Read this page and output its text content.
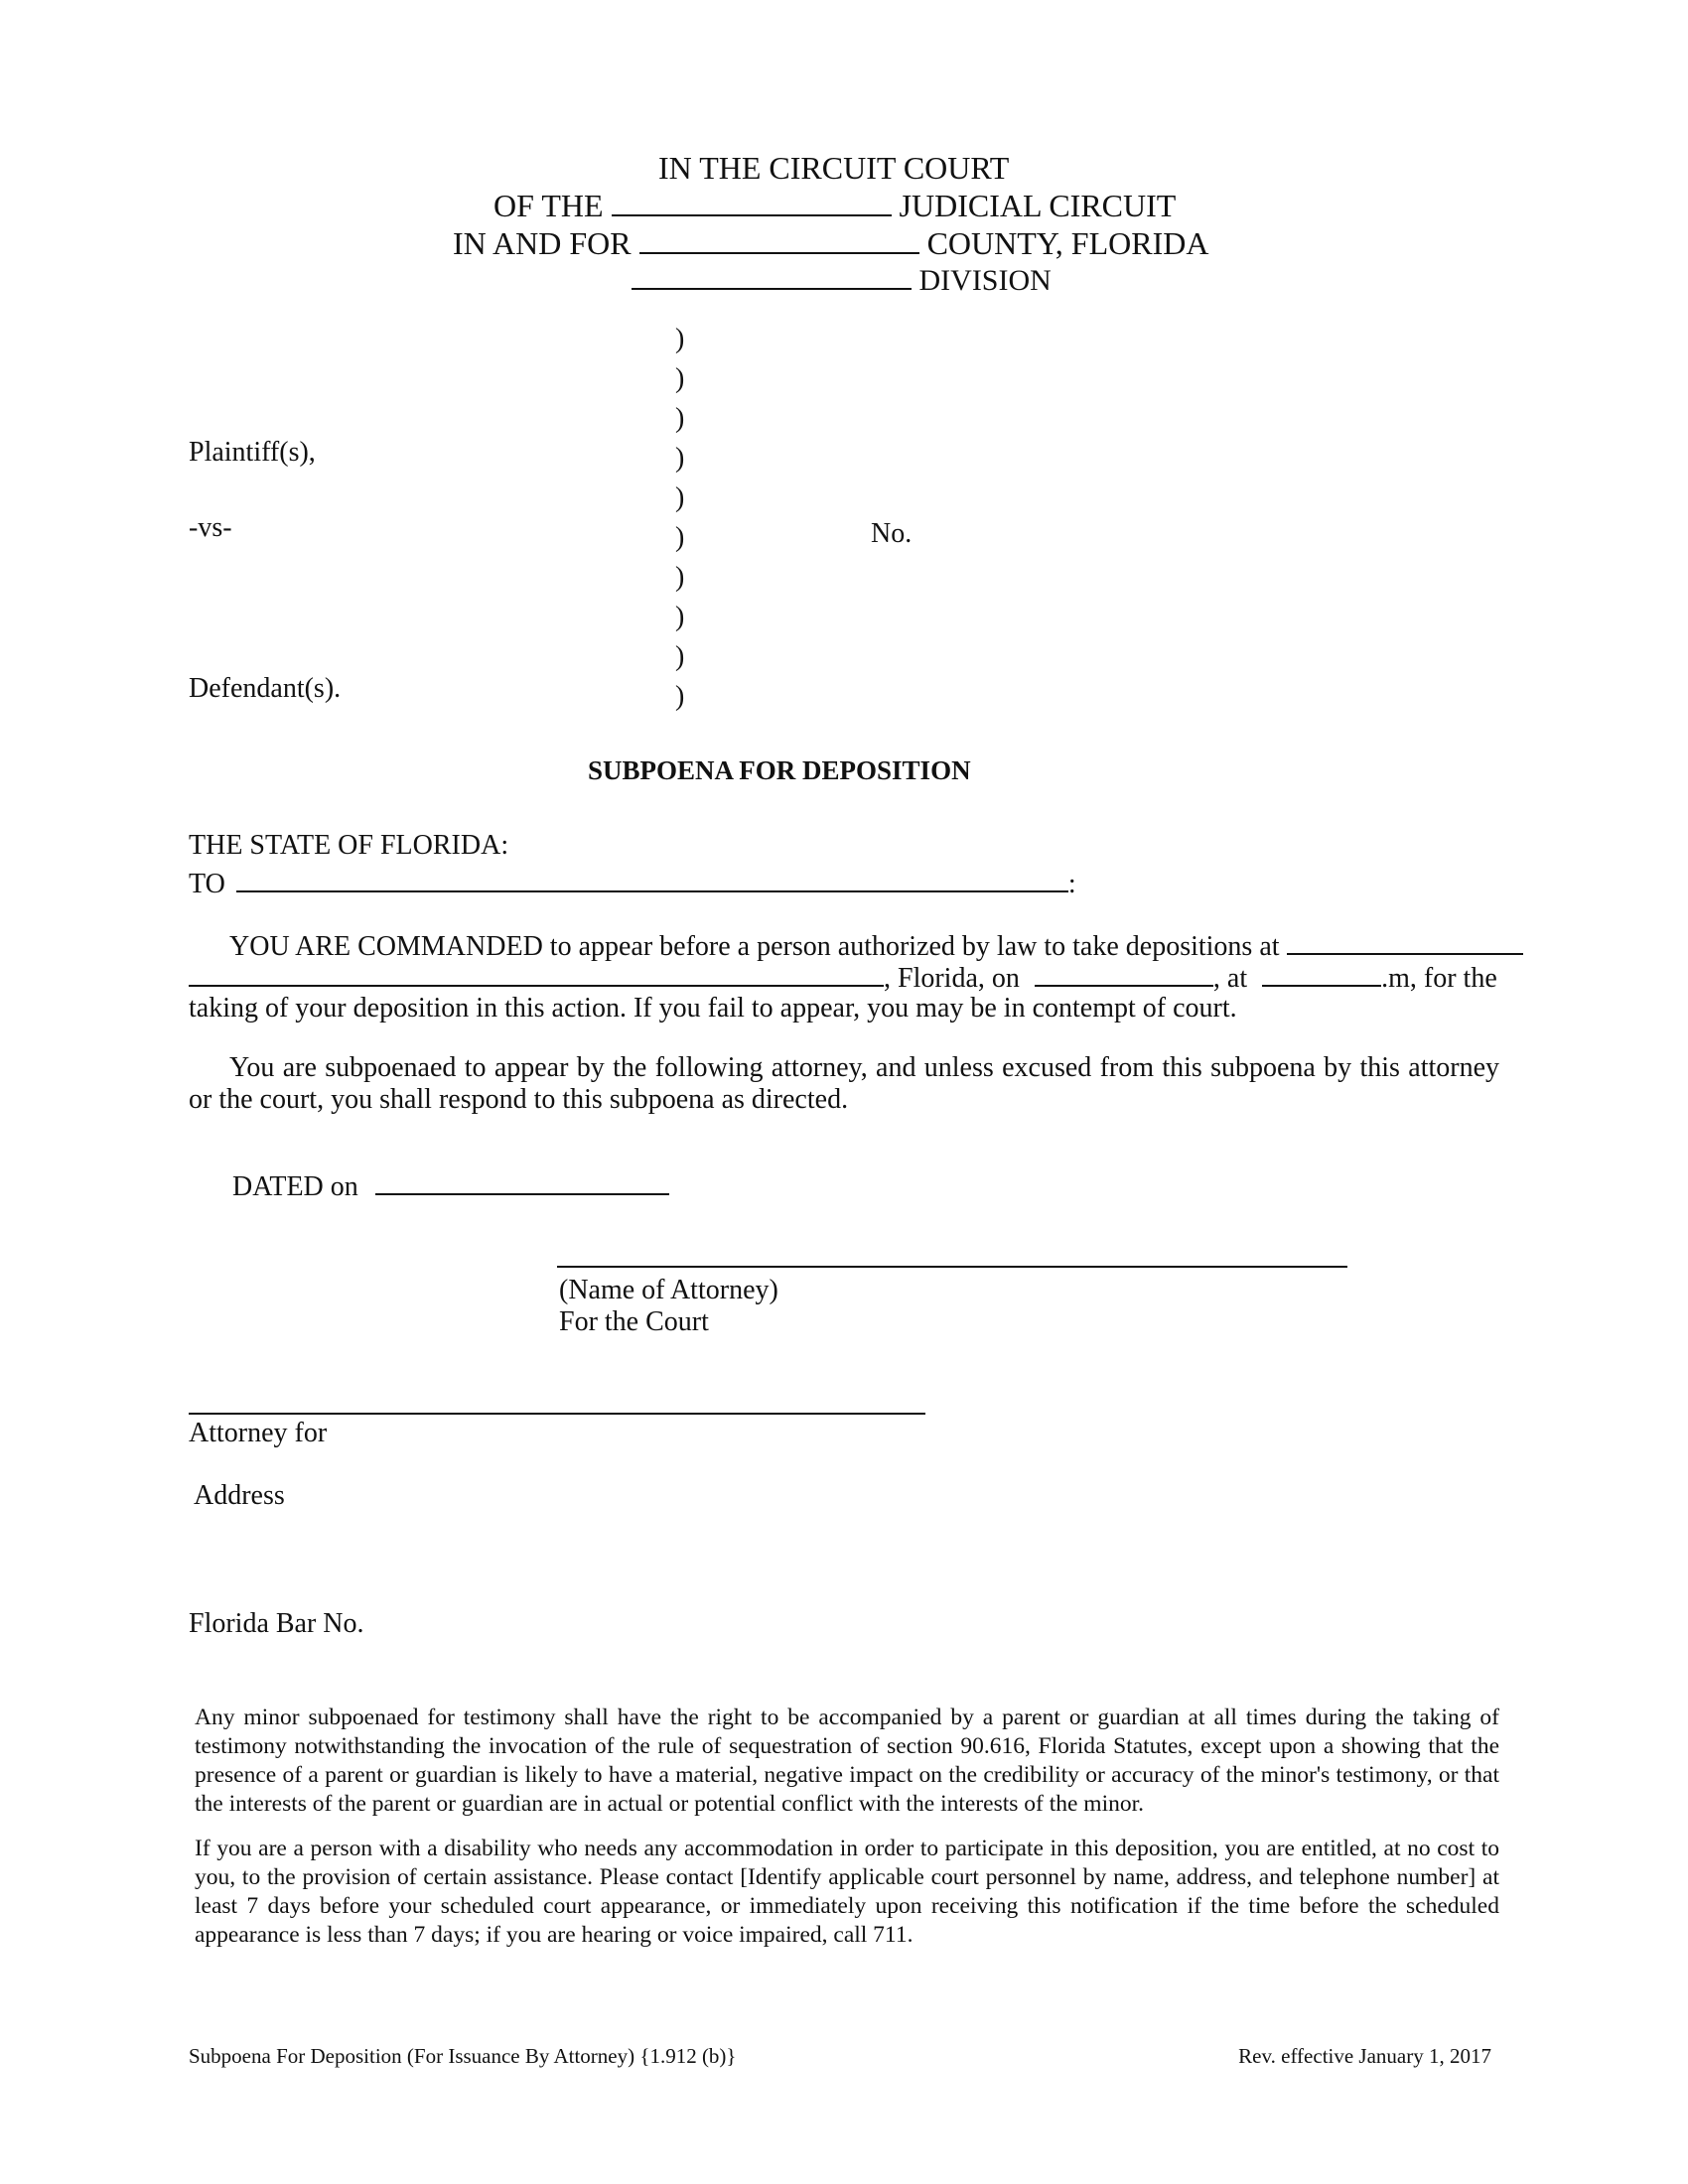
IN THE CIRCUIT COURT
OF THE	JUDICIAL CIRCUIT
IN AND FOR	COUNTY, FLORIDA
DIVISION
Plaintiff(s),
-vs-
Defendant(s).
)
)
)
)
)
)
)
)
)
)
No.
SUBPOENA FOR DEPOSITION
THE STATE OF FLORIDA:
TO	:
YOU ARE COMMANDED to appear before a person authorized by law to take depositions at
, Florida, on	, at	.m, for the
taking of your deposition in this action. If you fail to appear, you may be in contempt of court.
You are subpoenaed to appear by the following attorney, and unless excused from this subpoena by this attorney or the court, you shall respond to this subpoena as directed.
DATED on
(Name of Attorney)
For the Court
Attorney for
Address
Florida Bar No.
Any minor subpoenaed for testimony shall have the right to be accompanied by a parent or guardian at all times during the taking of testimony notwithstanding the invocation of the rule of sequestration of section 90.616, Florida Statutes, except upon a showing that the presence of a parent or guardian is likely to have a material, negative impact on the credibility or accuracy of the minor's testimony, or that the interests of the parent or guardian are in actual or potential conflict with the interests of the minor.
If you are a person with a disability who needs any accommodation in order to participate in this deposition, you are entitled, at no cost to you, to the provision of certain assistance. Please contact [Identify applicable court personnel by name, address, and telephone number] at least 7 days before your scheduled court appearance, or immediately upon receiving this notification if the time before the scheduled appearance is less than 7 days; if you are hearing or voice impaired, call 711.
Subpoena For Deposition (For Issuance By Attorney) {1.912 (b)}	Rev. effective January 1, 2017
